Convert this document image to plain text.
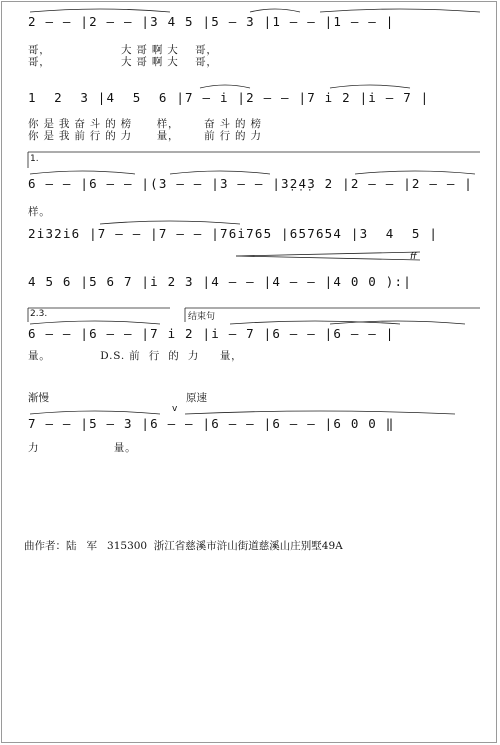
2 — — |2 — — |3 4 5 |5 — 3 |1 — — |1 — — |
哥，                 大 哥 啊 大    哥，
哥，                 大 哥 啊 大    哥，
1  2  3 |4  5  6 |7 — i |2 — — |7 i 2 |i — 7 |
你 是 我 奋 斗 的 榜      样，      奋 斗 的 榜
你 是 我 前 行 的 力      量，      前 行 的 力
1.
6 — — |6 — — |(3 — — |3 — — |3̣2̣4̣3 2 |2 — — |2 — — |
样。
2i32i6 |7 — — |7 — — |76i765 |657654 |3  4  5 |
4 5 6 |5 6 7 |i 2 3 |4 — — |4 — — |4 0 0 ):|
ff
2.3.	结束句
6 — — |6 — — |7 i 2 |i — 7 |6 — — |6 — — |
量。            D.S. 前  行  的  力     量，
渐慢	原速
7 — — |5 — 3 |6 — — |6 — — |6 — — |6 0 0 ‖
v
力                  量。
曲作者：陆   军   315300  浙江省慈溪市浒山街道慈溪山庄别墅49A
